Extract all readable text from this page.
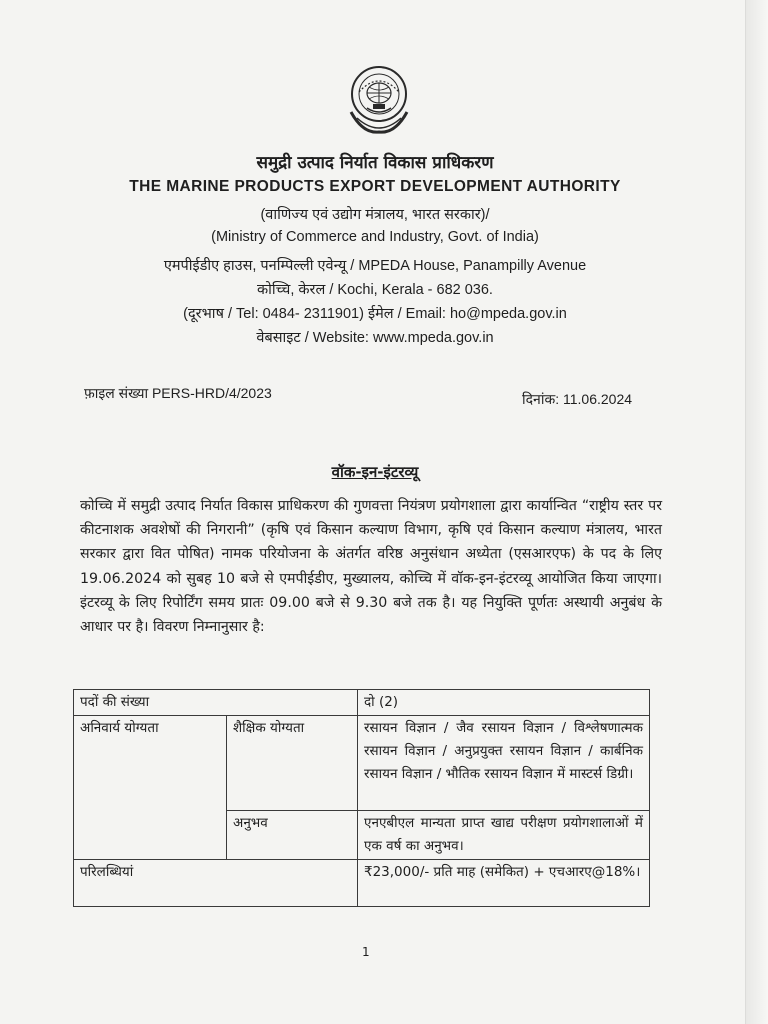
समुद्री उत्पाद निर्यात विकास प्राधिकरण
THE MARINE PRODUCTS EXPORT DEVELOPMENT AUTHORITY
(वाणिज्य एवं उद्योग मंत्रालय, भारत सरकार)/
(Ministry of Commerce and Industry, Govt. of India)
एमपीईडीए हाउस, पनम्पिल्ली एवेन्यू / MPEDA House, Panampilly Avenue
कोच्चि, केरल / Kochi, Kerala - 682 036.
(दूरभाष / Tel: 0484- 2311901) ईमेल / Email: ho@mpeda.gov.in
वेबसाइट / Website: www.mpeda.gov.in
फ़ाइल संख्या PERS-HRD/4/2023	दिनांक: 11.06.2024
वॉक-इन-इंटरव्यू

कोच्चि में समुद्री उत्पाद निर्यात विकास प्राधिकरण की गुणवत्ता नियंत्रण प्रयोगशाला द्वारा कार्यान्वित “राष्ट्रीय स्तर पर कीटनाशक अवशेषों की निगरानी” (कृषि एवं किसान कल्याण विभाग, कृषि एवं किसान कल्याण मंत्रालय, भारत सरकार द्वारा वित पोषित) नामक परियोजना के अंतर्गत वरिष्ठ अनुसंधान अध्येता (एसआरएफ) के पद के लिए 19.06.2024 को सुबह 10 बजे से एमपीईडीए, मुख्यालय, कोच्चि में वॉक-इन-इंटरव्यू आयोजित किया जाएगा। इंटरव्यू के लिए रिपोर्टिंग समय प्रातः 09.00 बजे से 9.30 बजे तक है। यह नियुक्ति पूर्णतः अस्थायी अनुबंध के आधार पर है। विवरण निम्नानुसार है:

पदों की संख्या		दो (2)
अनिवार्य योग्यता	शैक्षिक योग्यता	रसायन विज्ञान / जैव रसायन विज्ञान / विश्लेषणात्मक रसायन विज्ञान / अनुप्रयुक्त रसायन विज्ञान / कार्बनिक रसायन विज्ञान / भौतिक रसायन विज्ञान में मास्टर्स डिग्री।
	अनुभव	एनएबीएल मान्यता प्राप्त खाद्य परीक्षण प्रयोगशालाओं में एक वर्ष का अनुभव।
परिलब्धियां		₹23,000/- प्रति माह (समेकित) + एचआरए@18%।
1
